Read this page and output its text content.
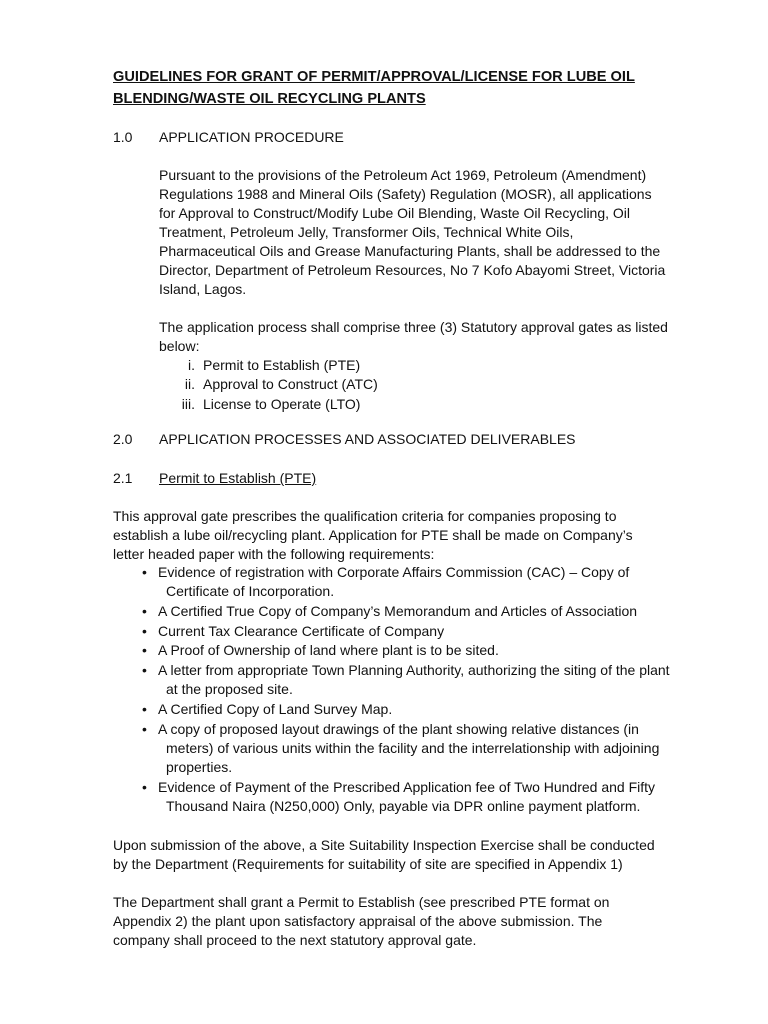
GUIDELINES FOR GRANT OF PERMIT/APPROVAL/LICENSE FOR LUBE OIL BLENDING/WASTE OIL RECYCLING PLANTS
1.0 APPLICATION PROCEDURE
Pursuant to the provisions of the Petroleum Act 1969, Petroleum (Amendment) Regulations 1988 and Mineral Oils (Safety) Regulation (MOSR), all applications for Approval to Construct/Modify Lube Oil Blending, Waste Oil Recycling, Oil Treatment, Petroleum Jelly, Transformer Oils, Technical White Oils, Pharmaceutical Oils and Grease Manufacturing Plants, shall be addressed to the Director, Department of Petroleum Resources, No 7 Kofo Abayomi Street, Victoria Island, Lagos.
The application process shall comprise three (3) Statutory approval gates as listed below:
i. Permit to Establish (PTE)
ii. Approval to Construct (ATC)
iii. License to Operate (LTO)
2.0 APPLICATION PROCESSES AND ASSOCIATED DELIVERABLES
2.1 Permit to Establish (PTE)
This approval gate prescribes the qualification criteria for companies proposing to establish a lube oil/recycling plant. Application for PTE shall be made on Company’s letter headed paper with the following requirements:
• Evidence of registration with Corporate Affairs Commission (CAC) – Copy of Certificate of Incorporation.
• A Certified True Copy of Company’s Memorandum and Articles of Association
• Current Tax Clearance Certificate of Company
• A Proof of Ownership of land where plant is to be sited.
• A letter from appropriate Town Planning Authority, authorizing the siting of the plant at the proposed site.
• A Certified Copy of Land Survey Map.
• A copy of proposed layout drawings of the plant showing relative distances (in meters) of various units within the facility and the interrelationship with adjoining properties.
• Evidence of Payment of the Prescribed Application fee of Two Hundred and Fifty Thousand Naira (N250,000) Only, payable via DPR online payment platform.
Upon submission of the above, a Site Suitability Inspection Exercise shall be conducted by the Department (Requirements for suitability of site are specified in Appendix 1)
The Department shall grant a Permit to Establish (see prescribed PTE format on Appendix 2) the plant upon satisfactory appraisal of the above submission. The company shall proceed to the next statutory approval gate.
